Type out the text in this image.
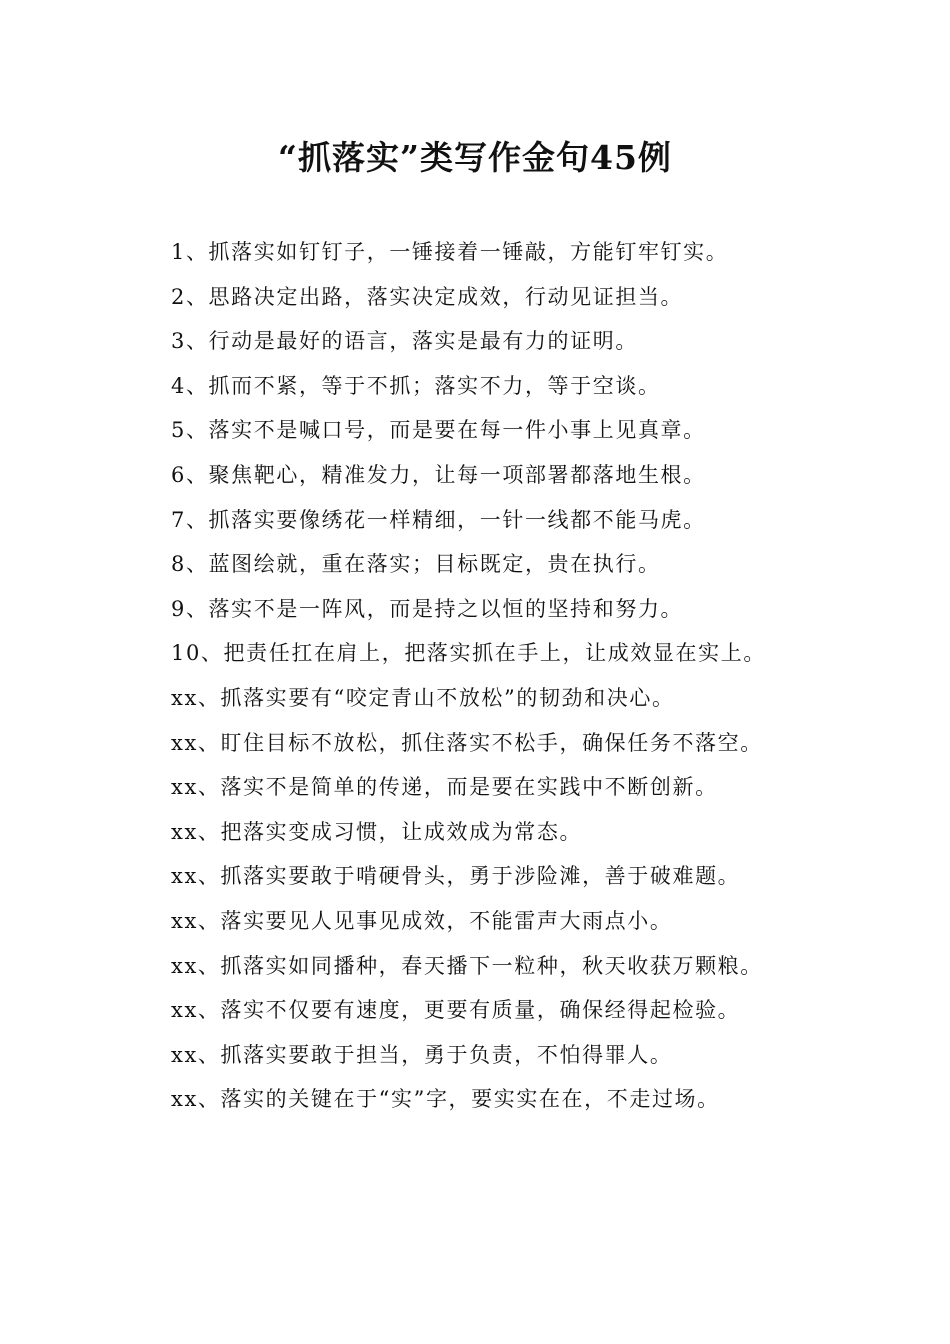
“抓落实”类写作金句45例
1、抓落实如钉钉子，一锤接着一锤敲，方能钉牢钉实。
2、思路决定出路，落实决定成效，行动见证担当。
3、行动是最好的语言，落实是最有力的证明。
4、抓而不紧，等于不抓；落实不力，等于空谈。
5、落实不是喊口号，而是要在每一件小事上见真章。
6、聚焦靶心，精准发力，让每一项部署都落地生根。
7、抓落实要像绣花一样精细，一针一线都不能马虎。
8、蓝图绘就，重在落实；目标既定，贵在执行。
9、落实不是一阵风，而是持之以恒的坚持和努力。
10、把责任扛在肩上，把落实抓在手上，让成效显在实上。
xx、抓落实要有“咬定青山不放松”的韧劲和决心。
xx、盯住目标不放松，抓住落实不松手，确保任务不落空。
xx、落实不是简单的传递，而是要在实践中不断创新。
xx、把落实变成习惯，让成效成为常态。
xx、抓落实要敢于啃硬骨头，勇于涉险滩，善于破难题。
xx、落实要见人见事见成效，不能雷声大雨点小。
xx、抓落实如同播种，春天播下一粒种，秋天收获万颗粮。
xx、落实不仅要有速度，更要有质量，确保经得起检验。
xx、抓落实要敢于担当，勇于负责，不怕得罪人。
xx、落实的关键在于“实”字，要实实在在，不走过场。
